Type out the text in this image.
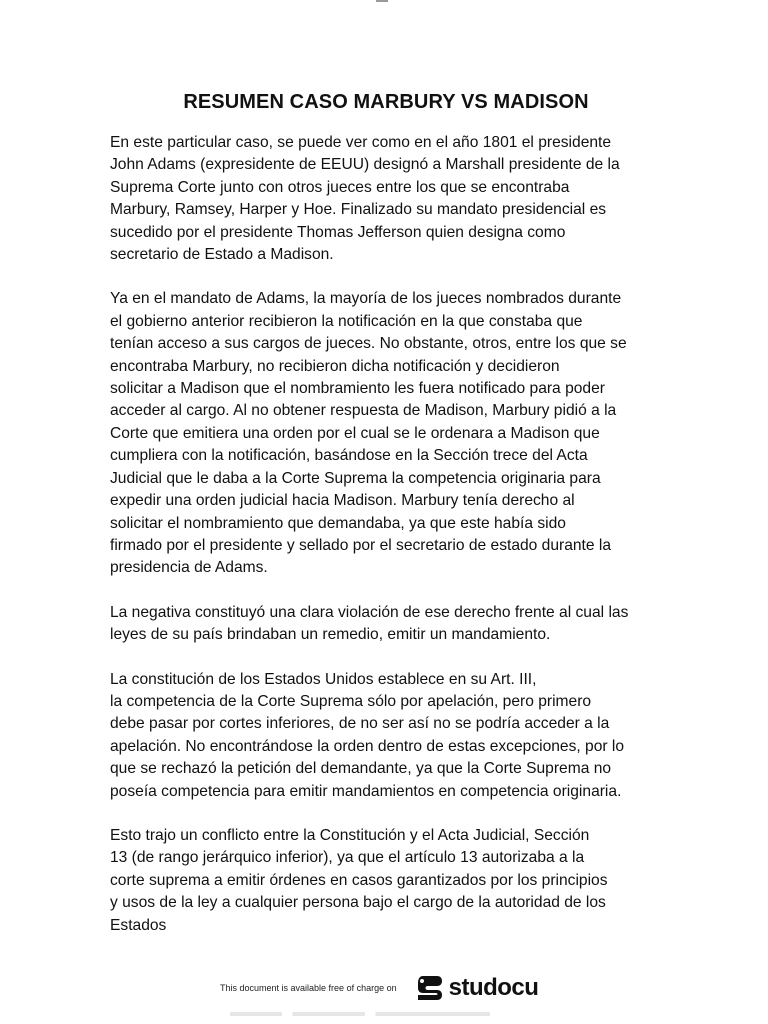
RESUMEN CASO MARBURY VS MADISON

En este particular caso, se puede ver como en el año 1801 el presidente
John Adams (expresidente de EEUU) designó a Marshall presidente de la
Suprema Corte junto con otros jueces entre los que se encontraba
Marbury, Ramsey, Harper y Hoe. Finalizado su mandato presidencial es
sucedido por el presidente Thomas Jefferson quien designa como
secretario de Estado a Madison.

Ya en el mandato de Adams, la mayoría de los jueces nombrados durante
el gobierno anterior recibieron la notificación en la que constaba que
tenían acceso a sus cargos de jueces. No obstante, otros, entre los que se
encontraba Marbury, no recibieron dicha notificación y decidieron
solicitar a Madison que el nombramiento les fuera notificado para poder
acceder al cargo. Al no obtener respuesta de Madison, Marbury pidió a la
Corte que emitiera una orden por el cual se le ordenara a Madison que
cumpliera con la notificación, basándose en la Sección trece del Acta
Judicial que le daba a la Corte Suprema la competencia originaria para
expedir una orden judicial hacia Madison. Marbury tenía derecho al
solicitar el nombramiento que demandaba, ya que este había sido
firmado por el presidente y sellado por el secretario de estado durante la
presidencia de Adams.

La negativa constituyó una clara violación de ese derecho frente al cual las
leyes de su país brindaban un remedio, emitir un mandamiento.

La constitución de los Estados Unidos establece en su Art. III,
la competencia de la Corte Suprema sólo por apelación, pero primero
debe pasar por cortes inferiores, de no ser así no se podría acceder a la
apelación. No encontrándose la orden dentro de estas excepciones, por lo
que se rechazó la petición del demandante, ya que la Corte Suprema no
poseía competencia para emitir mandamientos en competencia originaria.

Esto trajo un conflicto entre la Constitución y el Acta Judicial, Sección
13 (de rango jerárquico inferior), ya que el artículo 13 autorizaba a la
corte suprema a emitir órdenes en casos garantizados por los principios
y usos de la ley a cualquier persona bajo el cargo de la autoridad de los
Estados

This document is available free of charge on studocu
